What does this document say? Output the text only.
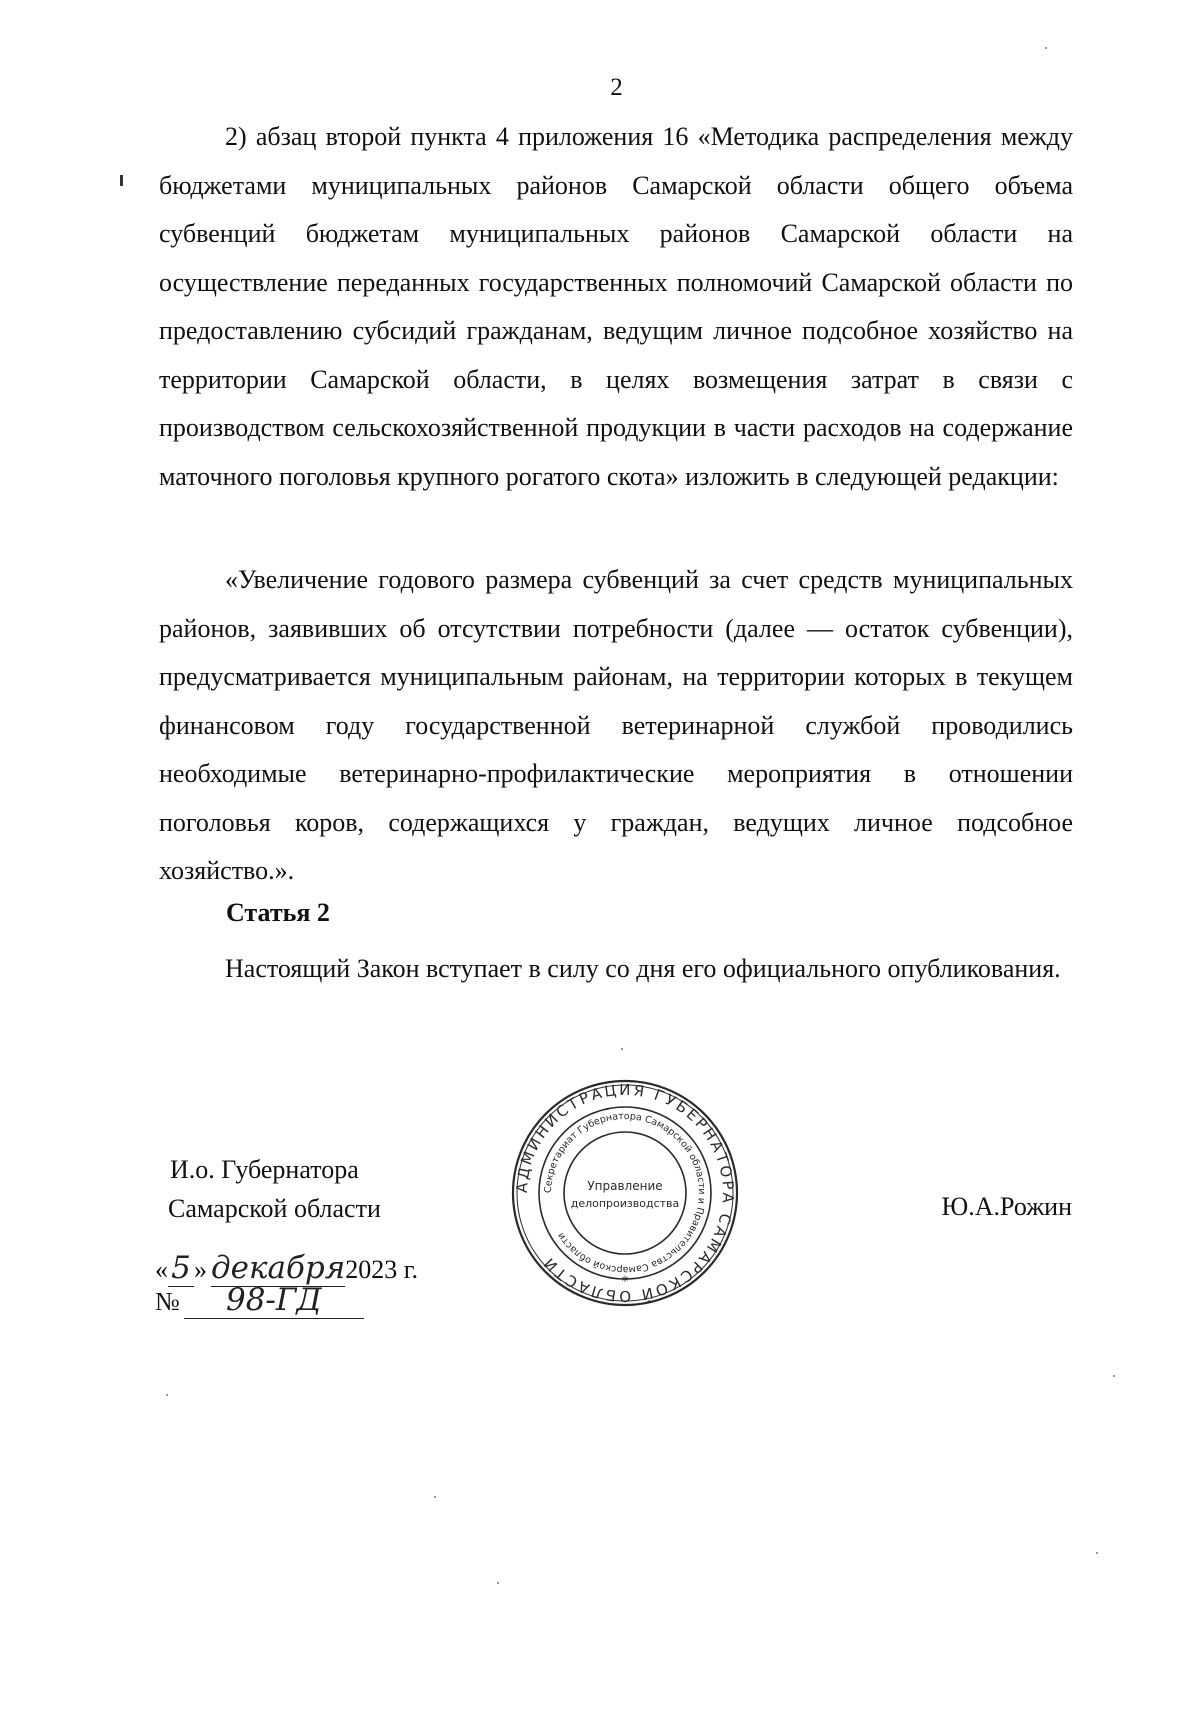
2

2) абзац второй пункта 4 приложения 16 «Методика распределения между бюджетами муниципальных районов Самарской области общего объема субвенций бюджетам муниципальных районов Самарской области на осуществление переданных государственных полномочий Самарской области по предоставлению субсидий гражданам, ведущим личное подсобное хозяйство на территории Самарской области, в целях возмещения затрат в связи с производством сельскохозяйственной продукции в части расходов на содержание маточного поголовья крупного рогатого скота» изложить в следующей редакции:

«Увеличение годового размера субвенций за счет средств муниципальных районов, заявивших об отсутствии потребности (далее — остаток субвенции), предусматривается муниципальным районам, на территории которых в текущем финансовом году государственной ветеринарной службой проводились необходимые ветеринарно-профилактические мероприятия в отношении поголовья коров, содержащихся у граждан, ведущих личное подсобное хозяйство.».

Статья 2

Настоящий Закон вступает в силу со дня его официального опубликования.

И.о. Губернатора
Самарской области	Ю.А.Рожин
« 5 » декабря2023 г.
№ 98-ГД
АДМИНИСТРАЦИЯ ГУБЕРНАТОРА САМАРСКОЙ ОБЛАСТИ
Секретариат Губернатора Самарской области и Правительства Самарской области
Управление
делопроизводства
*
